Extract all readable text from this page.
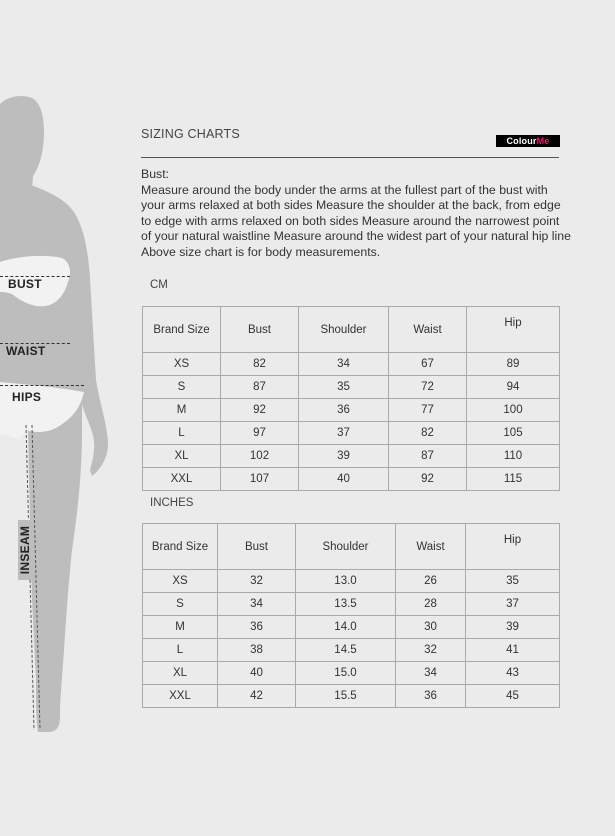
BUST
WAIST
HIPS
INSEAM
SIZING CHARTS	ColourMe

Bust:

Measure around the body under the arms at the fullest part of the bust with your arms relaxed at both sides Measure the shoulder at the back, from edge to edge with arms relaxed on both sides Measure around the narrowest point of your natural waistline Measure around the widest part of your natural hip line Above size chart is for body measurements.

CM
Brand Size	Bust	Shoulder	Waist	Hip
XS	82	34	67	89
S	87	35	72	94
M	92	36	77	100
L	97	37	82	105
XL	102	39	87	110
XXL	107	40	92	115
INCHES
Brand Size	Bust	Shoulder	Waist	Hip
XS	32	13.0	26	35
S	34	13.5	28	37
M	36	14.0	30	39
L	38	14.5	32	41
XL	40	15.0	34	43
XXL	42	15.5	36	45
